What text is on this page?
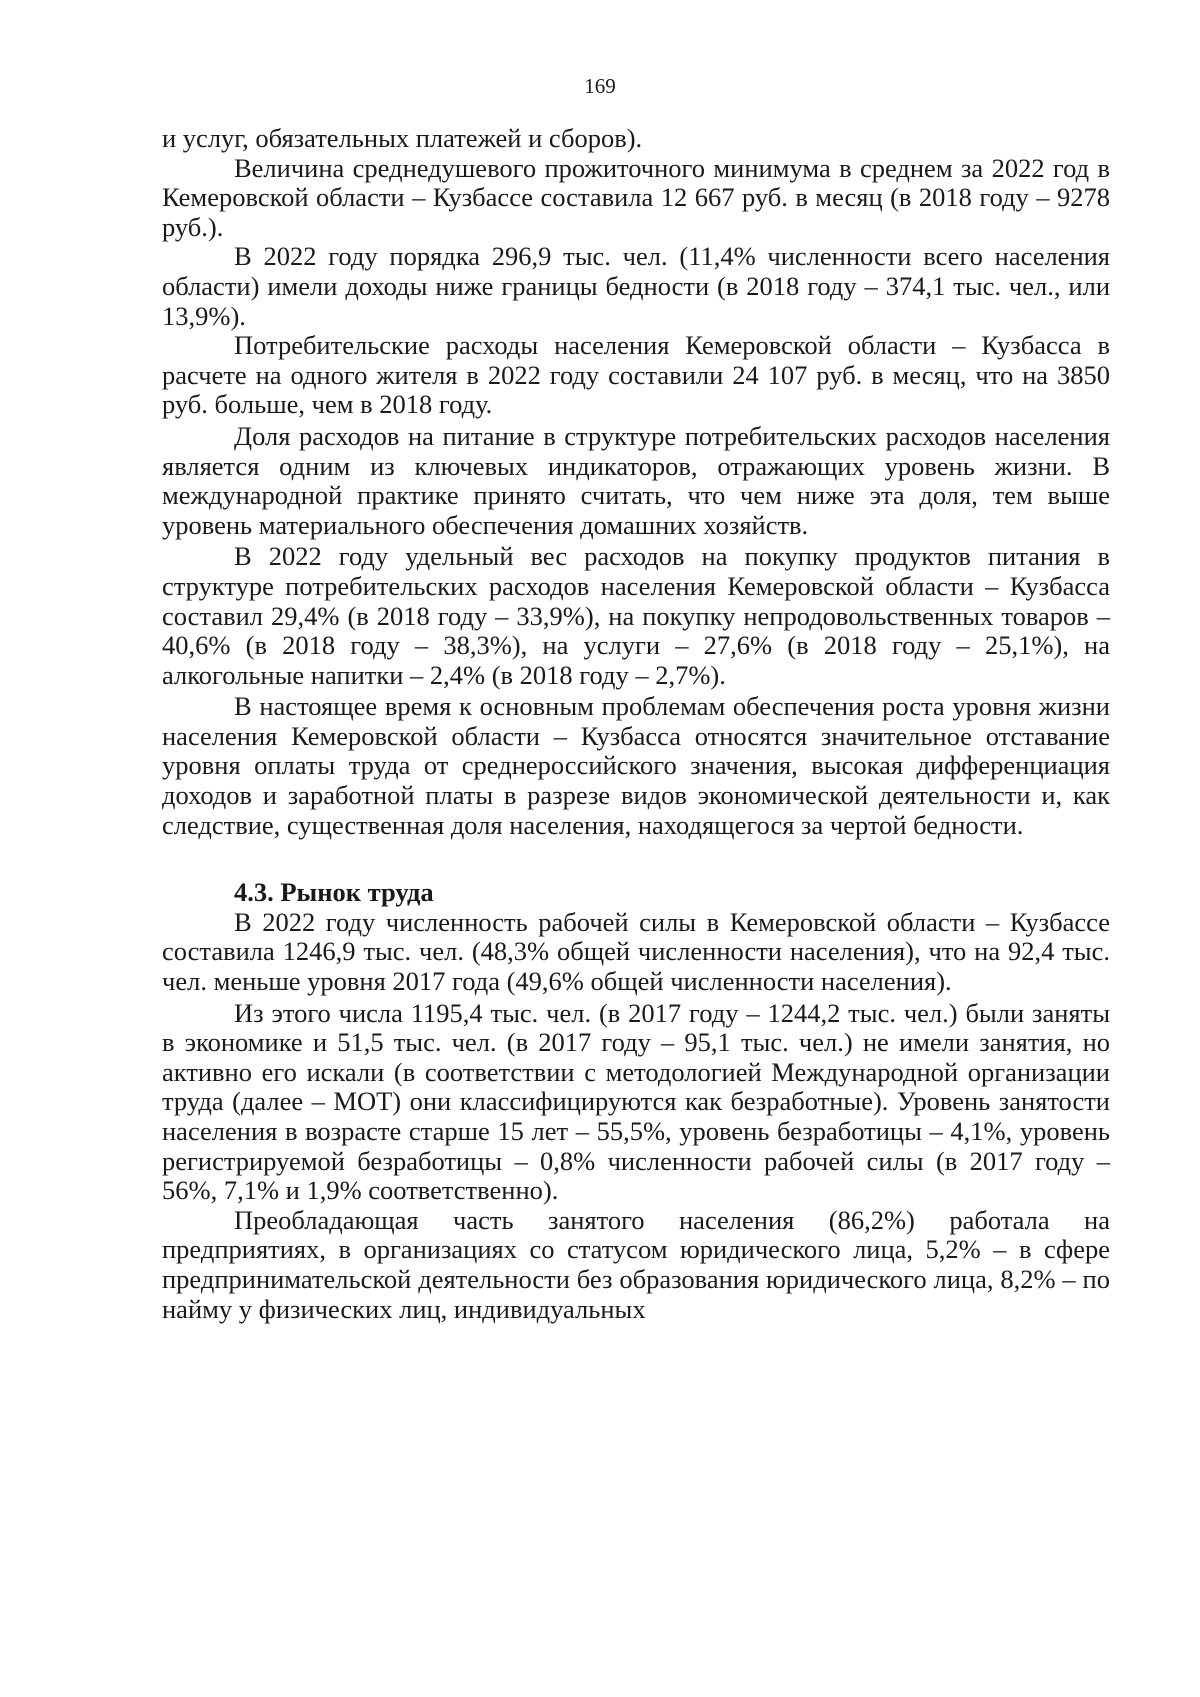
169

и услуг, обязательных платежей и сборов).

Величина среднедушевого прожиточного минимума в среднем за 2022 год в Кемеровской области – Кузбассе составила 12 667 руб. в месяц (в 2018 году – 9278 руб.).

В 2022 году порядка 296,9 тыс. чел. (11,4% численности всего населения области) имели доходы ниже границы бедности (в 2018 году – 374,1 тыс. чел., или 13,9%).

Потребительские расходы населения Кемеровской области – Кузбасса в расчете на одного жителя в 2022 году составили 24 107 руб. в месяц, что на 3850 руб. больше, чем в 2018 году.

Доля расходов на питание в структуре потребительских расходов населения является одним из ключевых индикаторов, отражающих уровень жизни. В международной практике принято считать, что чем ниже эта доля, тем выше уровень материального обеспечения домашних хозяйств.

В 2022 году удельный вес расходов на покупку продуктов питания в структуре потребительских расходов населения Кемеровской области – Кузбасса составил 29,4% (в 2018 году – 33,9%), на покупку непродовольственных товаров – 40,6% (в 2018 году – 38,3%), на услуги – 27,6% (в 2018 году – 25,1%), на алкогольные напитки – 2,4% (в 2018 году – 2,7%).

В настоящее время к основным проблемам обеспечения роста уровня жизни населения Кемеровской области – Кузбасса относятся значительное отставание уровня оплаты труда от среднероссийского значения, высокая дифференциация доходов и заработной платы в разрезе видов экономической деятельности и, как следствие, существенная доля населения, находящегося за чертой бедности.

4.3. Рынок труда

В 2022 году численность рабочей силы в Кемеровской области – Кузбассе составила 1246,9 тыс. чел. (48,3% общей численности населения), что на 92,4 тыс. чел. меньше уровня 2017 года (49,6% общей численности населения).

Из этого числа 1195,4 тыс. чел. (в 2017 году – 1244,2 тыс. чел.) были заняты в экономике и 51,5 тыс. чел. (в 2017 году – 95,1 тыс. чел.) не имели занятия, но активно его искали (в соответствии с методологией Международной организации труда (далее – МОТ) они классифицируются как безработные). Уровень занятости населения в возрасте старше 15 лет – 55,5%, уровень безработицы – 4,1%, уровень регистрируемой безработицы – 0,8% численности рабочей силы (в 2017 году – 56%, 7,1% и 1,9% соответственно).

Преобладающая часть занятого населения (86,2%) работала на предприятиях, в организациях со статусом юридического лица, 5,2% – в сфере предпринимательской деятельности без образования юридического лица, 8,2% – по найму у физических лиц, индивидуальных
